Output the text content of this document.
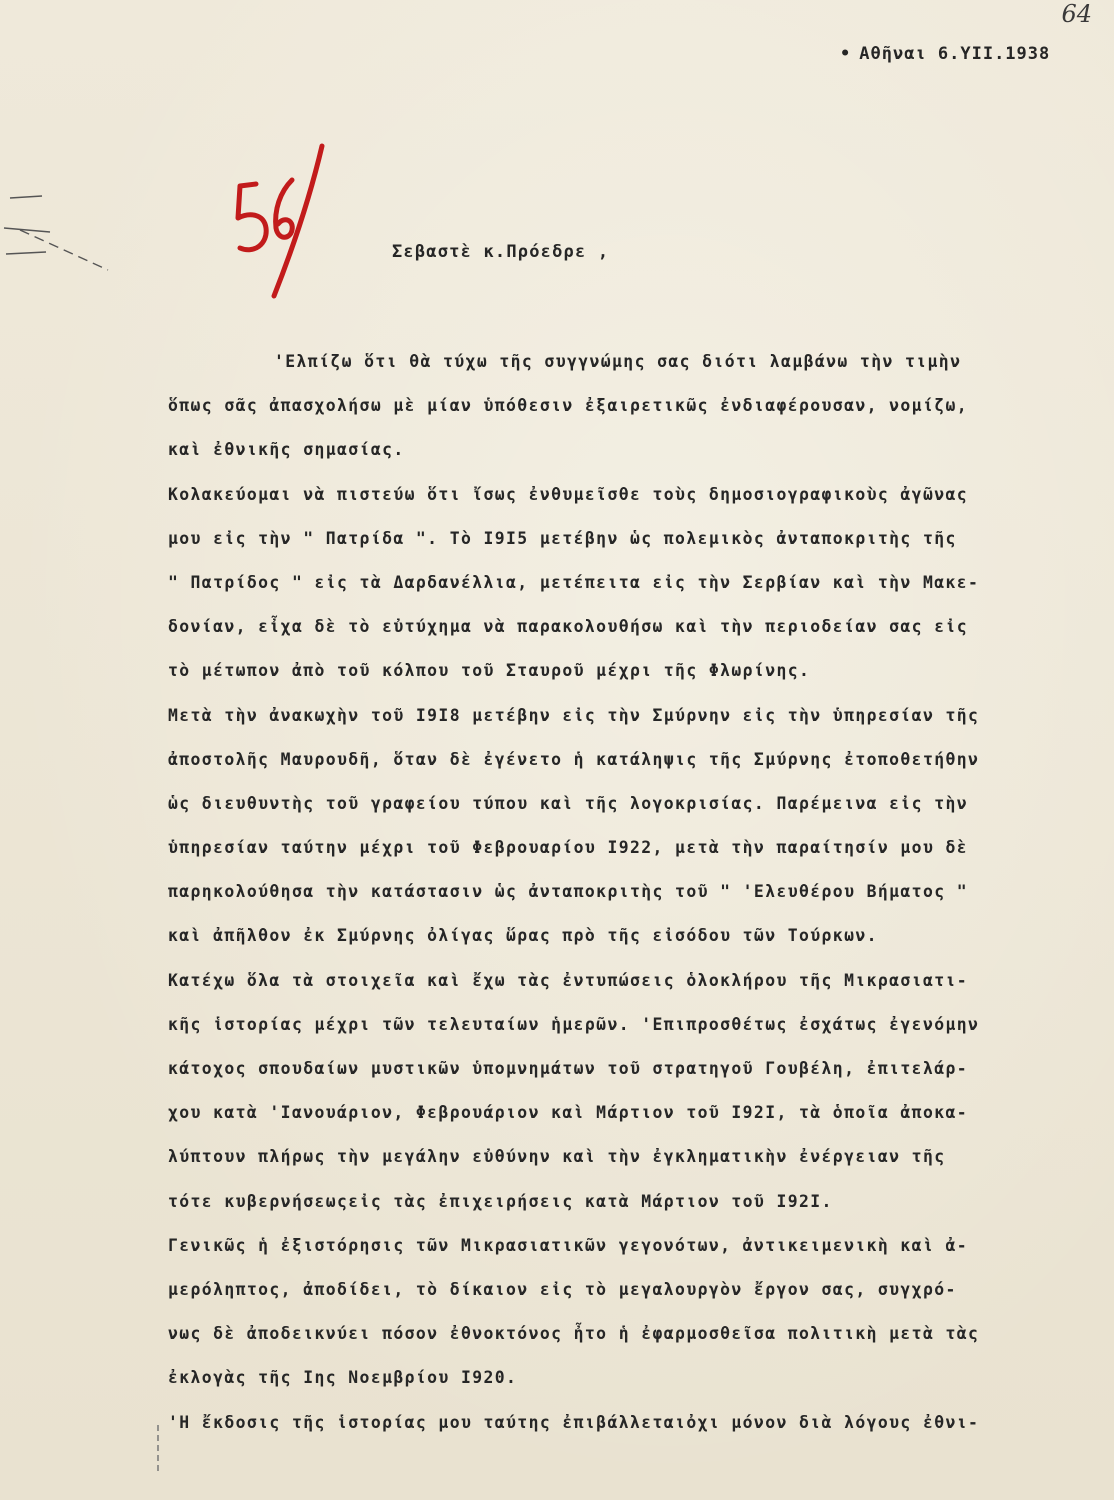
64
• Αθῆναι 6.ΥΙΙ.1938
Σεβαστὲ κ.Πρόεδρε ,
'Ελπίζω ὅτι θὰ τύχω τῆς συγγνώμης σας διότι λαμβάνω τὴν τιμὴν
ὅπως σᾶς ἀπασχολήσω μὲ μίαν ὑπόθεσιν ἐξαιρετικῶς ἐνδιαφέρουσαν, νομίζω,
καὶ ἐθνικῆς σημασίας.
Κολακεύομαι νὰ πιστεύω ὅτι ἴσως ἐνθυμεῖσθε τοὺς δημοσιογραφικοὺς ἀγῶνας
μου εἰς τὴν " Πατρίδα ". Τὸ Ι9Ι5 μετέβην ὡς πολεμικὸς ἀνταποκριτὴς τῆς
" Πατρίδος " εἰς τὰ Δαρδανέλλια, μετέπειτα εἰς τὴν Σερβίαν καὶ τὴν Μακε-
δονίαν, εἶχα δὲ τὸ εὐτύχημα νὰ παρακολουθήσω καὶ τὴν περιοδείαν σας εἰς
τὸ μέτωπον ἀπὸ τοῦ κόλπου τοῦ Σταυροῦ μέχρι τῆς Φλωρίνης.
Μετὰ τὴν ἀνακωχὴν τοῦ Ι9Ι8 μετέβην εἰς τὴν Σμύρνην εἰς τὴν ὑπηρεσίαν τῆς
ἀποστολῆς Μαυρουδῆ, ὅταν δὲ ἐγένετο ἡ κατάληψις τῆς Σμύρνης ἐτοποθετήθην
ὡς διευθυντὴς τοῦ γραφείου τύπου καὶ τῆς λογοκρισίας. Παρέμεινα εἰς τὴν
ὑπηρεσίαν ταύτην μέχρι τοῦ Φεβρουαρίου Ι922, μετὰ τὴν παραίτησίν μου δὲ
παρηκολούθησα τὴν κατάστασιν ὡς ἀνταποκριτὴς τοῦ " 'Ελευθέρου Βήματος "
καὶ ἀπῆλθον ἐκ Σμύρνης ὀλίγας ὥρας πρὸ τῆς εἰσόδου τῶν Τούρκων.
Κατέχω ὅλα τὰ στοιχεῖα καὶ ἔχω τὰς ἐντυπώσεις ὁλοκλήρου τῆς Μικρασιατι-
κῆς ἱστορίας μέχρι τῶν τελευταίων ἡμερῶν. 'Επιπροσθέτως ἐσχάτως ἐγενόμην
κάτοχος σπουδαίων μυστικῶν ὑπομνημάτων τοῦ στρατηγοῦ Γουβέλη, ἐπιτελάρ-
χου κατὰ 'Ιανουάριον, Φεβρουάριον καὶ Μάρτιον τοῦ Ι92Ι, τὰ ὁποῖα ἀποκα-
λύπτουν πλήρως τὴν μεγάλην εὐθύνην καὶ τὴν ἐγκληματικὴν ἐνέργειαν τῆς
τότε κυβερνήσεωςεἰς τὰς ἐπιχειρήσεις κατὰ Μάρτιον τοῦ Ι92Ι.
Γενικῶς ἡ ἐξιστόρησις τῶν Μικρασιατικῶν γεγονότων, ἀντικειμενικὴ καὶ ἀ-
μερόληπτος, ἀποδίδει, τὸ δίκαιον εἰς τὸ μεγαλουργὸν ἔργον σας, συγχρό-
νως δὲ ἀποδεικνύει πόσον ἐθνοκτόνος ἦτο ἡ ἐφαρμοσθεῖσα πολιτικὴ μετὰ τὰς
ἐκλογὰς τῆς Ιης Νοεμβρίου Ι920.
'Η ἔκδοσις τῆς ἱστορίας μου ταύτης ἐπιβάλλεταιὀχι μόνον διὰ λόγους ἐθνι-
